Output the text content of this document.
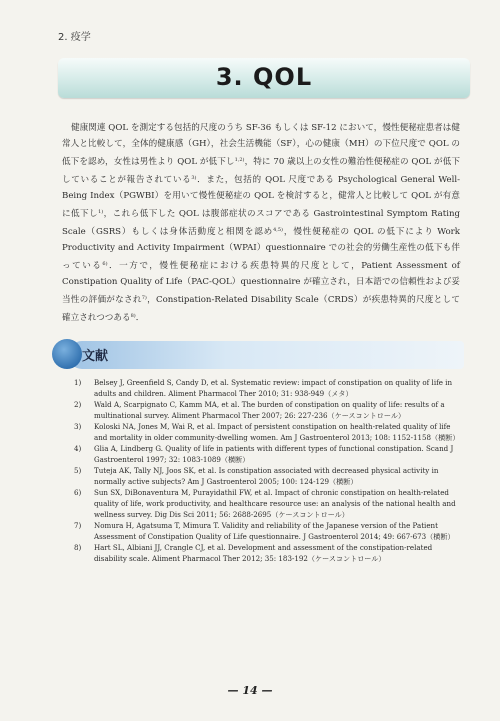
2. 疫学
3. QOL

健康関連 QOL を測定する包括的尺度のうち SF-36 もしくは SF-12 において，慢性便秘症患者は健常人と比較して，全体的健康感（GH），社会生活機能（SF），心の健康（MH）の下位尺度で QOL の低下を認め，女性は男性より QOL が低下し$^{1,2)}$，特に 70 歳以上の女性の難治性便秘症の QOL が低下していることが報告されている$^{3)}$．また，包括的 QOL 尺度である Psychological General Well-Being Index（PGWBI）を用いて慢性便秘症の QOL を検討すると，健常人と比較して QOL が有意に低下し$^{1)}$，これら低下した QOL は腹部症状のスコアである Gastrointestinal Symptom Rating Scale（GSRS）もしくは身体活動度と相関を認め$^{4,5)}$，慢性便秘症の QOL の低下により Work Productivity and Activity Impairment（WPAI）questionnaire での社会的労働生産性の低下も伴っている$^{6)}$．一方で，慢性便秘症における疾患特異的尺度として，Patient Assessment of Constipation Quality of Life（PAC-QOL）questionnaire が確立され，日本語での信頼性および妥当性の評価がなされ$^{7)}$，Constipation-Related Disability Scale（CRDS）が疾患特異的尺度として確立されつつある$^{8)}$．

文献
1)	Belsey J, Greenfield S, Candy D, et al. Systematic review: impact of constipation on quality of life in adults and children. Aliment Pharmacol Ther 2010; 31: 938-949（メタ）
2)	Wald A, Scarpignato C, Kamm MA, et al. The burden of constipation on quality of life: results of a multinational survey. Aliment Pharmacol Ther 2007; 26: 227-236（ケースコントロール）
3)	Koloski NA, Jones M, Wai R, et al. Impact of persistent constipation on health-related quality of life and mortality in older community-dwelling women. Am J Gastroenterol 2013; 108: 1152-1158（横断）
4)	Glia A, Lindberg G. Quality of life in patients with different types of functional constipation. Scand J Gastroenterol 1997; 32: 1083-1089（横断）
5)	Tuteja AK, Tally NJ, Joos SK, et al. Is constipation associated with decreased physical activity in normally active subjects? Am J Gastroenterol 2005; 100: 124-129（横断）
6)	Sun SX, DiBonaventura M, Purayidathil FW, et al. Impact of chronic constipation on health-related quality of life, work productivity, and healthcare resource use: an analysis of the national health and wellness survey. Dig Dis Sci 2011; 56: 2688-2695（ケースコントロール）
7)	Nomura H, Agatsuma T, Mimura T. Validity and reliability of the Japanese version of the Patient Assessment of Constipation Quality of Life questionnaire. J Gastroenterol 2014; 49: 667-673（横断）
8)	Hart SL, Albiani JJ, Crangle CJ, et al. Development and assessment of the constipation-related disability scale. Aliment Pharmacol Ther 2012; 35: 183-192（ケースコントロール）
— 14 —
